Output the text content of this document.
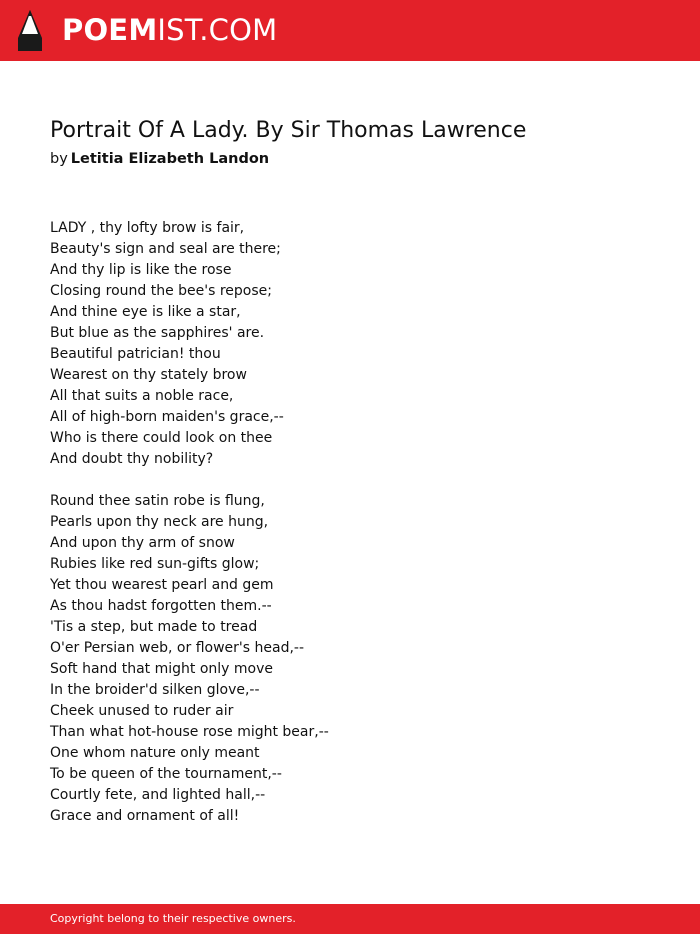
POEMIST.COM
Portrait Of A Lady. By Sir Thomas Lawrence
by Letitia Elizabeth Landon
LADY , thy lofty brow is fair,
Beauty's sign and seal are there;
And thy lip is like the rose
Closing round the bee's repose;
And thine eye is like a star,
But blue as the sapphires' are.
Beautiful patrician! thou
Wearest on thy stately brow
All that suits a noble race,
All of high-born maiden's grace,--
Who is there could look on thee
And doubt thy nobility?
Round thee satin robe is flung,
Pearls upon thy neck are hung,
And upon thy arm of snow
Rubies like red sun-gifts glow;
Yet thou wearest pearl and gem
As thou hadst forgotten them.--
'Tis a step, but made to tread
O'er Persian web, or flower's head,--
Soft hand that might only move
In the broider'd silken glove,--
Cheek unused to ruder air
Than what hot-house rose might bear,--
One whom nature only meant
To be queen of the tournament,--
Courtly fete, and lighted hall,--
Grace and ornament of all!
Copyright belong to their respective owners.
